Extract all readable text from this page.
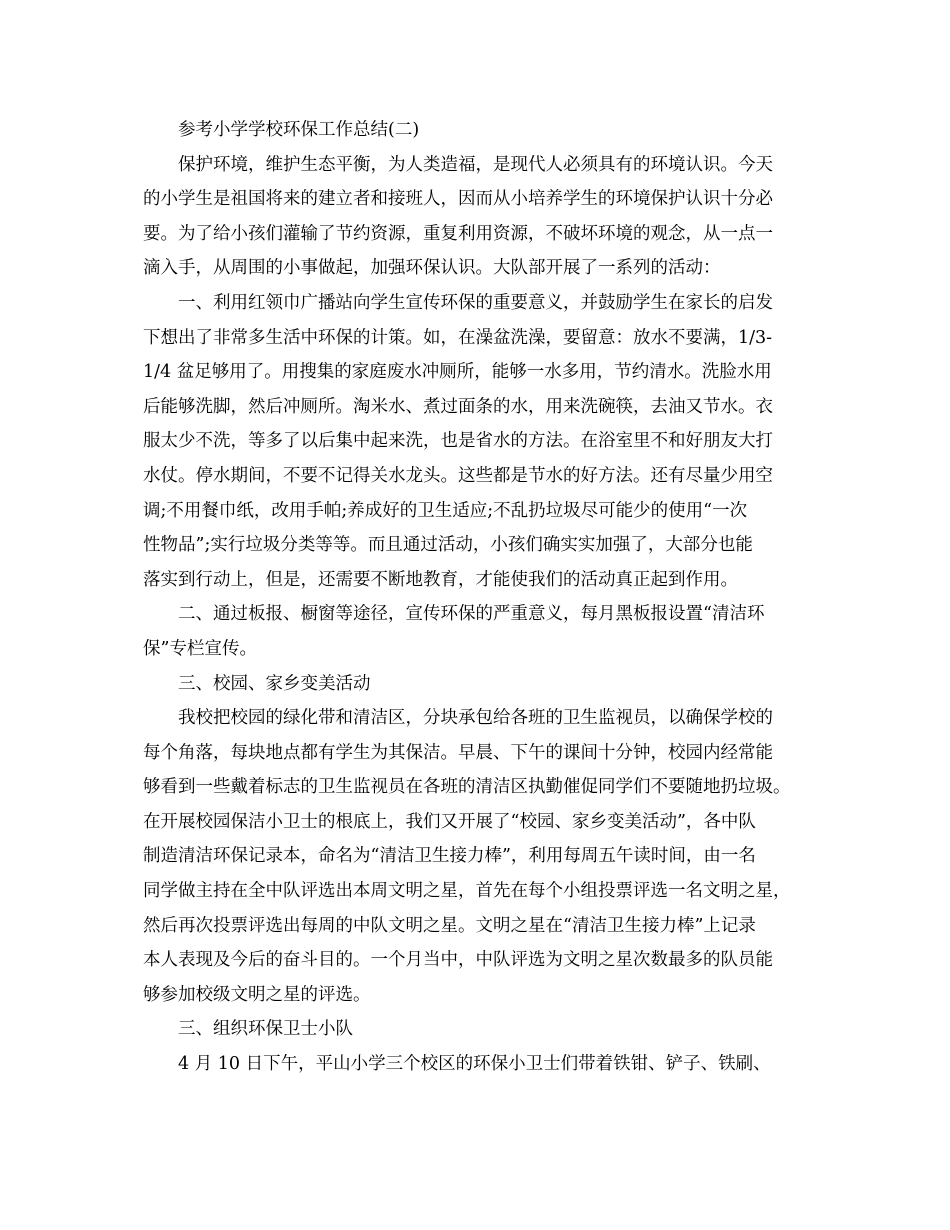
参考小学学校环保工作总结(二)
保护环境，维护生态平衡，为人类造福，是现代人必须具有的环境认识。今天
的小学生是祖国将来的建立者和接班人，因而从小培养学生的环境保护认识十分必
要。为了给小孩们灌输了节约资源，重复利用资源，不破坏环境的观念，从一点一
滴入手，从周围的小事做起，加强环保认识。大队部开展了一系列的活动：
一、利用红领巾广播站向学生宣传环保的重要意义，并鼓励学生在家长的启发
下想出了非常多生活中环保的计策。如，在澡盆洗澡，要留意：放水不要满，1/3-
1/4 盆足够用了。用搜集的家庭废水冲厕所，能够一水多用，节约清水。洗脸水用
后能够洗脚，然后冲厕所。淘米水、煮过面条的水，用来洗碗筷，去油又节水。衣
服太少不洗，等多了以后集中起来洗，也是省水的方法。在浴室里不和好朋友大打
水仗。停水期间，不要不记得关水龙头。这些都是节水的好方法。还有尽量少用空
调;不用餐巾纸，改用手帕;养成好的卫生适应;不乱扔垃圾尽可能少的使用“一次
性物品”;实行垃圾分类等等。而且通过活动，小孩们确实实加强了，大部分也能
落实到行动上，但是，还需要不断地教育，才能使我们的活动真正起到作用。
二、通过板报、橱窗等途径，宣传环保的严重意义，每月黑板报设置“清洁环
保”专栏宣传。
三、校园、家乡变美活动
我校把校园的绿化带和清洁区，分块承包给各班的卫生监视员，以确保学校的
每个角落，每块地点都有学生为其保洁。早晨、下午的课间十分钟，校园内经常能
够看到一些戴着标志的卫生监视员在各班的清洁区执勤催促同学们不要随地扔垃圾。
在开展校园保洁小卫士的根底上，我们又开展了“校园、家乡变美活动”，各中队
制造清洁环保记录本，命名为“清洁卫生接力棒”，利用每周五午读时间，由一名
同学做主持在全中队评选出本周文明之星，首先在每个小组投票评选一名文明之星，
然后再次投票评选出每周的中队文明之星。文明之星在“清洁卫生接力棒”上记录
本人表现及今后的奋斗目的。一个月当中，中队评选为文明之星次数最多的队员能
够参加校级文明之星的评选。
三、组织环保卫士小队
4 月 10 日下午，平山小学三个校区的环保小卫士们带着铁钳、铲子、铁刷、
